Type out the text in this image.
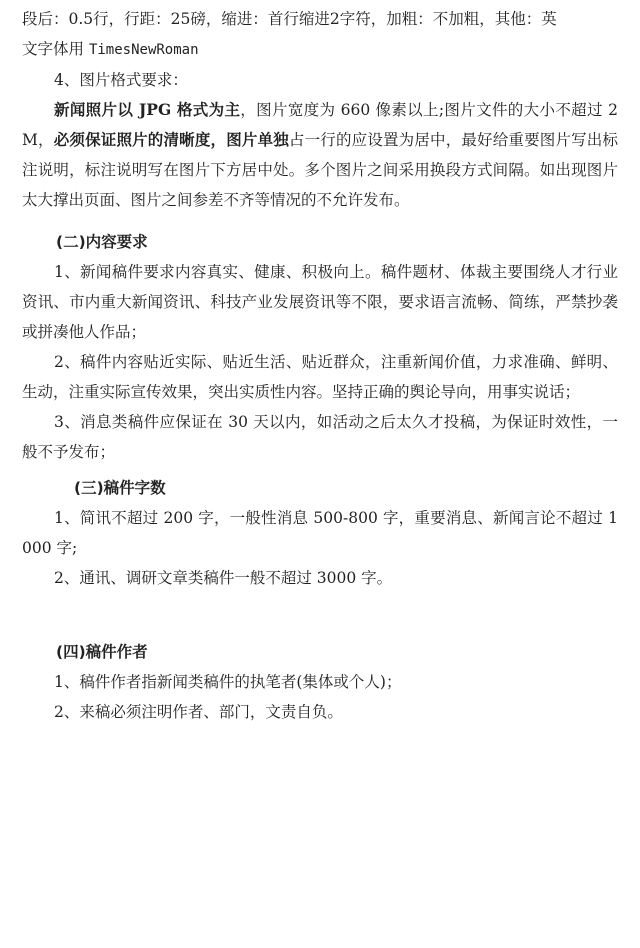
段后：0.5行，行距：25磅，缩进：首行缩进2字符，加粗：不加粗，其他：英
文字体用 TimesNewRoman

4、图片格式要求：

新闻照片以 JPG 格式为主，图片宽度为 660 像素以上;图片文件的大小不超过 2M，必须保证照片的清晰度，图片单独占一行的应设置为居中，最好给重要图片写出标注说明，标注说明写在图片下方居中处。多个图片之间采用换段方式间隔。如出现图片太大撑出页面、图片之间参差不齐等情况的不允许发布。

(二)内容要求

1、新闻稿件要求内容真实、健康、积极向上。稿件题材、体裁主要围绕人才行业资讯、市内重大新闻资讯、科技产业发展资讯等不限，要求语言流畅、简练，严禁抄袭或拼凑他人作品；

2、稿件内容贴近实际、贴近生活、贴近群众，注重新闻价值，力求准确、鲜明、生动，注重实际宣传效果，突出实质性内容。坚持正确的舆论导向，用事实说话；

3、消息类稿件应保证在 30 天以内，如活动之后太久才投稿，为保证时效性，一般不予发布；

(三)稿件字数

1、简讯不超过 200 字，一般性消息 500-800 字，重要消息、新闻言论不超过 1000 字;

2、通讯、调研文章类稿件一般不超过 3000 字。

(四)稿件作者

1、稿件作者指新闻类稿件的执笔者(集体或个人)；

2、来稿必须注明作者、部门，文责自负。
